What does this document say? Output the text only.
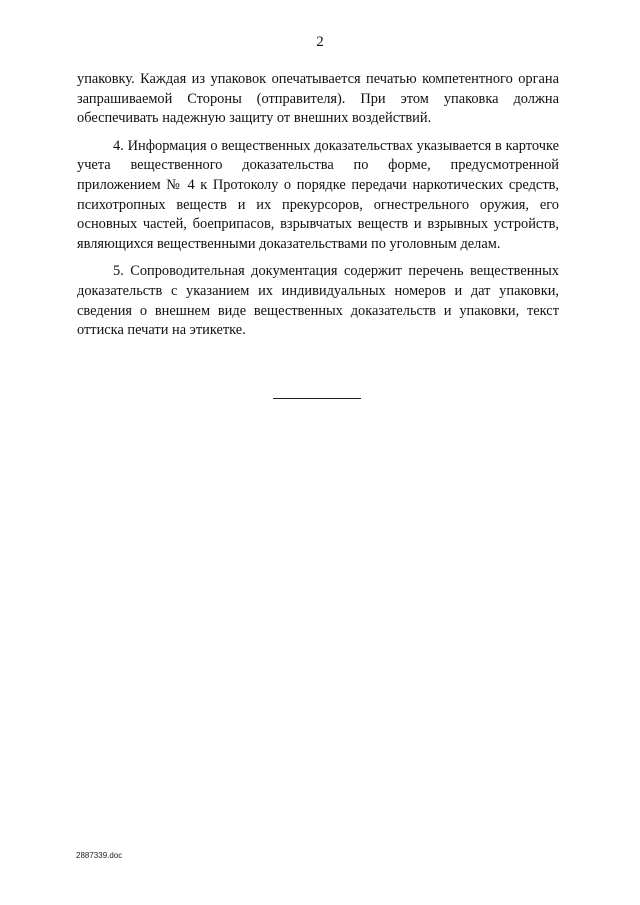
2

упаковку. Каждая из упаковок опечатывается печатью компетентного органа запрашиваемой Стороны (отправителя). При этом упаковка должна обеспечивать надежную защиту от внешних воздействий.

4. Информация о вещественных доказательствах указывается в карточке учета вещественного доказательства по форме, предусмотренной приложением № 4 к Протоколу о порядке передачи наркотических средств, психотропных веществ и их прекурсоров, огнестрельного оружия, его основных частей, боеприпасов, взрывчатых веществ и взрывных устройств, являющихся вещественными доказательствами по уголовным делам.

5. Сопроводительная документация содержит перечень вещественных доказательств с указанием их индивидуальных номеров и дат упаковки, сведения о внешнем виде вещественных доказательств и упаковки, текст оттиска печати на этикетке.

2887339.doc
